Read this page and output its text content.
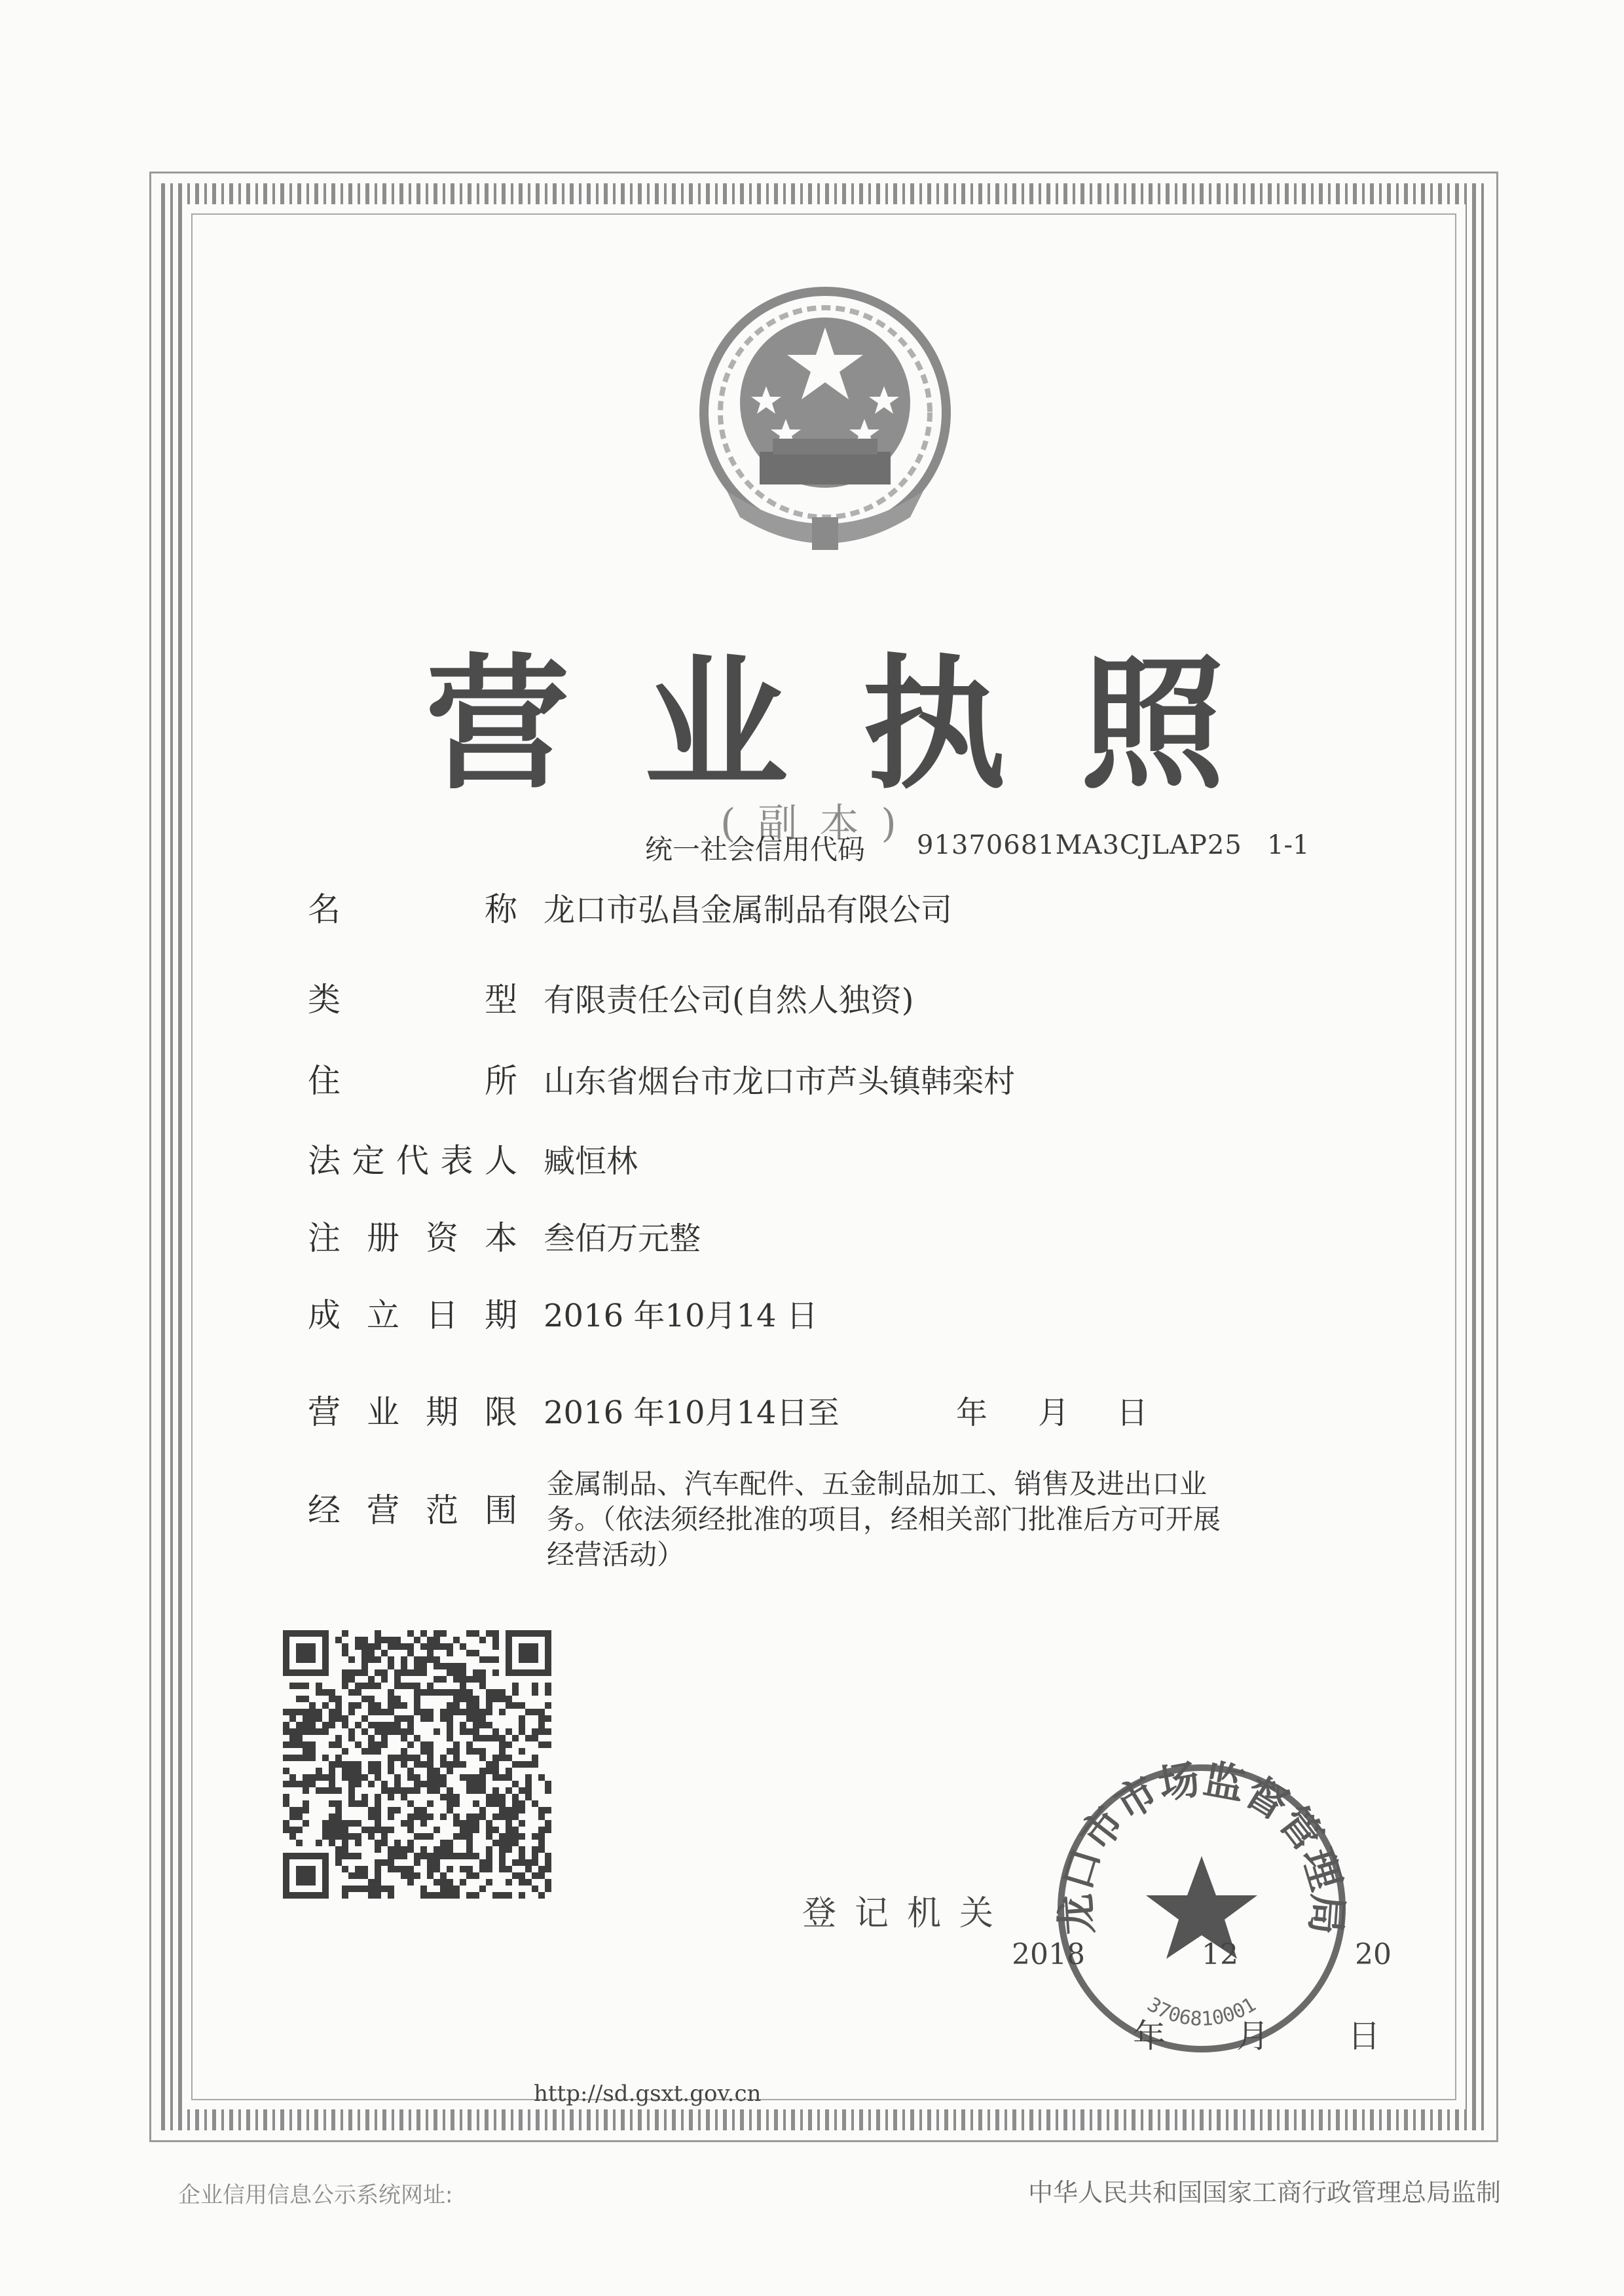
营 业 执 照
(副本)
统一社会信用代码 91370681MA3CJLAP25 1-1
名	称 龙口市弘昌金属制品有限公司
类	型 有限责任公司(自然人独资)
住	所 山东省烟台市龙口市芦头镇韩栾村
法 定 代 表 人 臧恒林
注 册 资 本 叁佰万元整
成 立 日 期 2016 年10月14 日
营 业 期 限 2016 年10月14日至	年 月 日
经 营 范 围
金属制品、汽车配件、五金制品加工、销售及进出口业
务。（依法须经批准的项目，经相关部门批准后方可开展
经营活动）
登记机关 龙口市市场监督管理局
3706810001
2018	12	20
年 月 日
http://sd.gsxt.gov.cn
企业信用信息公示系统网址:	中华人民共和国国家工商行政管理总局监制
